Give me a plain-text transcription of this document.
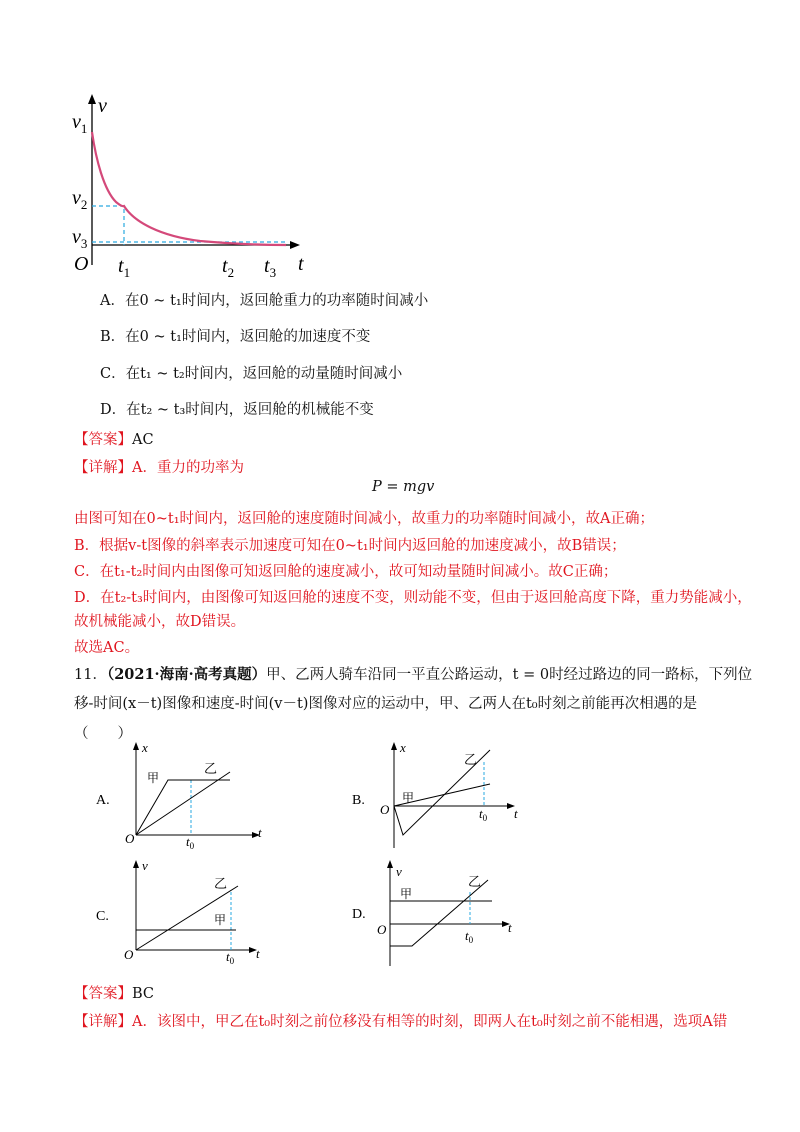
v
$v_1$
$v_2$
$v_3$
O $t_1$	$t_2$ $t_3$ t
A．在0 ~ t₁时间内，返回舱重力的功率随时间减小
B．在0 ~ t₁时间内，返回舱的加速度不变
C．在t₁ ~ t₂时间内，返回舱的动量随时间减小
D．在t₂ ~ t₃时间内，返回舱的机械能不变
【答案】AC
【详解】A．重力的功率为
P = mgv
由图可知在0~t₁时间内，返回舱的速度随时间减小，故重力的功率随时间减小，故A正确；
B．根据v-t图像的斜率表示加速度可知在0~t₁时间内返回舱的加速度减小，故B错误；
C．在t₁-t₂时间内由图像可知返回舱的速度减小，故可知动量随时间减小。故C正确；
D．在t₂-t₃时间内，由图像可知返回舱的速度不变，则动能不变，但由于返回舱高度下降，重力势能减小，
故机械能减小，故D错误。
故选AC。
11．（2021·海南·高考真题）甲、乙两人骑车沿同一平直公路运动，t = 0时经过路边的同一路标，下列位
移-时间(x－t)图像和速度-时间(v－t)图像对应的运动中，甲、乙两人在t₀时刻之前能再次相遇的是
（　　）
A.
x
甲
乙
O	$t_0$
t
B.
x
甲
乙
O	$t_0$ t
C.
v
甲
乙
O	$t_0$ t
D.
v
甲
乙
O	$t_0$
t
【答案】BC
【详解】A．该图中，甲乙在t₀时刻之前位移没有相等的时刻，即两人在t₀时刻之前不能相遇，选项A错
